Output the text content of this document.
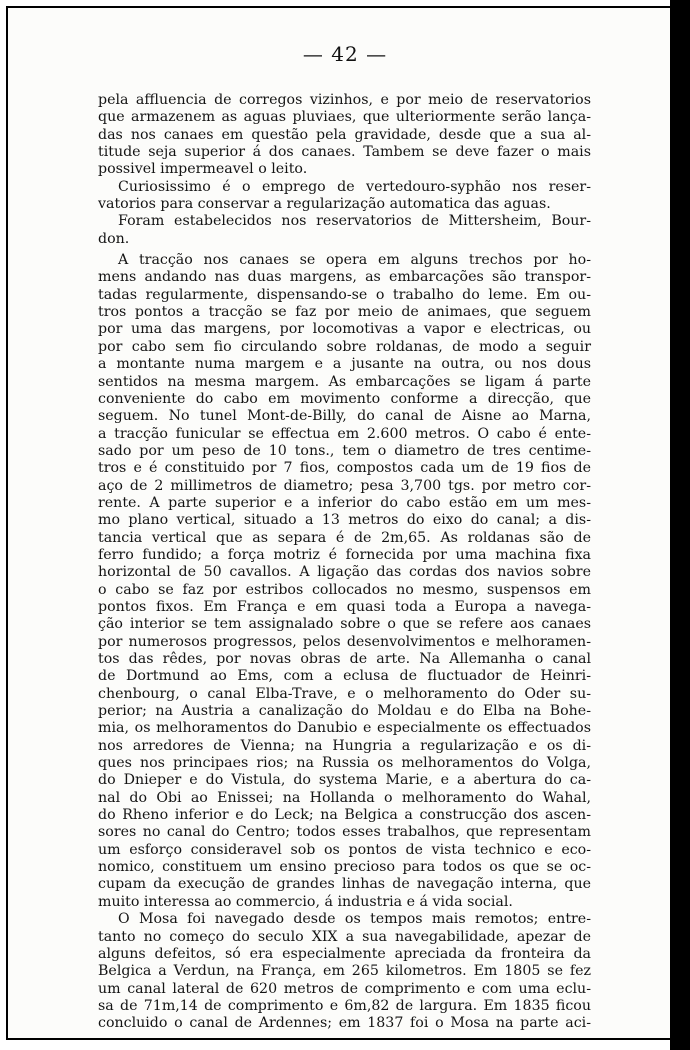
— 42 —
pela affluencia de corregos vizinhos, e por meio de reservatorios
que armazenem as aguas pluviaes, que ulteriormente serão lança-
das nos canaes em questão pela gravidade, desde que a sua al-
titude seja superior á dos canaes. Tambem se deve fazer o mais
possivel impermeavel o leito.
Curiosissimo é o emprego de vertedouro-syphão nos reser-
vatorios para conservar a regularização automatica das aguas.
Foram estabelecidos nos reservatorios de Mittersheim, Bour-
don.
A tracção nos canaes se opera em alguns trechos por ho-
mens andando nas duas margens, as embarcações são transpor-
tadas regularmente, dispensando-se o trabalho do leme. Em ou-
tros pontos a tracção se faz por meio de animaes, que seguem
por uma das margens, por locomotivas a vapor e electricas, ou
por cabo sem fio circulando sobre roldanas, de modo a seguir
a montante numa margem e a jusante na outra, ou nos dous
sentidos na mesma margem. As embarcações se ligam á parte
conveniente do cabo em movimento conforme a direcção, que
seguem. No tunel Mont-de-Billy, do canal de Aisne ao Marna,
a tracção funicular se effectua em 2.600 metros. O cabo é ente-
sado por um peso de 10 tons., tem o diametro de tres centime-
tros e é constituido por 7 fios, compostos cada um de 19 fios de
aço de 2 millimetros de diametro; pesa 3,700 tgs. por metro cor-
rente. A parte superior e a inferior do cabo estão em um mes-
mo plano vertical, situado a 13 metros do eixo do canal; a dis-
tancia vertical que as separa é de 2m,65. As roldanas são de
ferro fundido; a força motriz é fornecida por uma machina fixa
horizontal de 50 cavallos. A ligação das cordas dos navios sobre
o cabo se faz por estribos collocados no mesmo, suspensos em
pontos fixos. Em França e em quasi toda a Europa a navega-
ção interior se tem assignalado sobre o que se refere aos canaes
por numerosos progressos, pelos desenvolvimentos e melhoramen-
tos das rêdes, por novas obras de arte. Na Allemanha o canal
de Dortmund ao Ems, com a eclusa de fluctuador de Heinri-
chenbourg, o canal Elba-Trave, e o melhoramento do Oder su-
perior; na Austria a canalização do Moldau e do Elba na Bohe-
mia, os melhoramentos do Danubio e especialmente os effectuados
nos arredores de Vienna; na Hungria a regularização e os di-
ques nos principaes rios; na Russia os melhoramentos do Volga,
do Dnieper e do Vistula, do systema Marie, e a abertura do ca-
nal do Obi ao Enissei; na Hollanda o melhoramento do Wahal,
do Rheno inferior e do Leck; na Belgica a construcção dos ascen-
sores no canal do Centro; todos esses trabalhos, que representam
um esforço consideravel sob os pontos de vista technico e eco-
nomico, constituem um ensino precioso para todos os que se oc-
cupam da execução de grandes linhas de navegação interna, que
muito interessa ao commercio, á industria e á vida social.
O Mosa foi navegado desde os tempos mais remotos; entre-
tanto no começo do seculo XIX a sua navegabilidade, apezar de
alguns defeitos, só era especialmente apreciada da fronteira da
Belgica a Verdun, na França, em 265 kilometros. Em 1805 se fez
um canal lateral de 620 metros de comprimento e com uma eclu-
sa de 71m,14 de comprimento e 6m,82 de largura. Em 1835 ficou
concluido o canal de Ardennes; em 1837 foi o Mosa na parte aci-
